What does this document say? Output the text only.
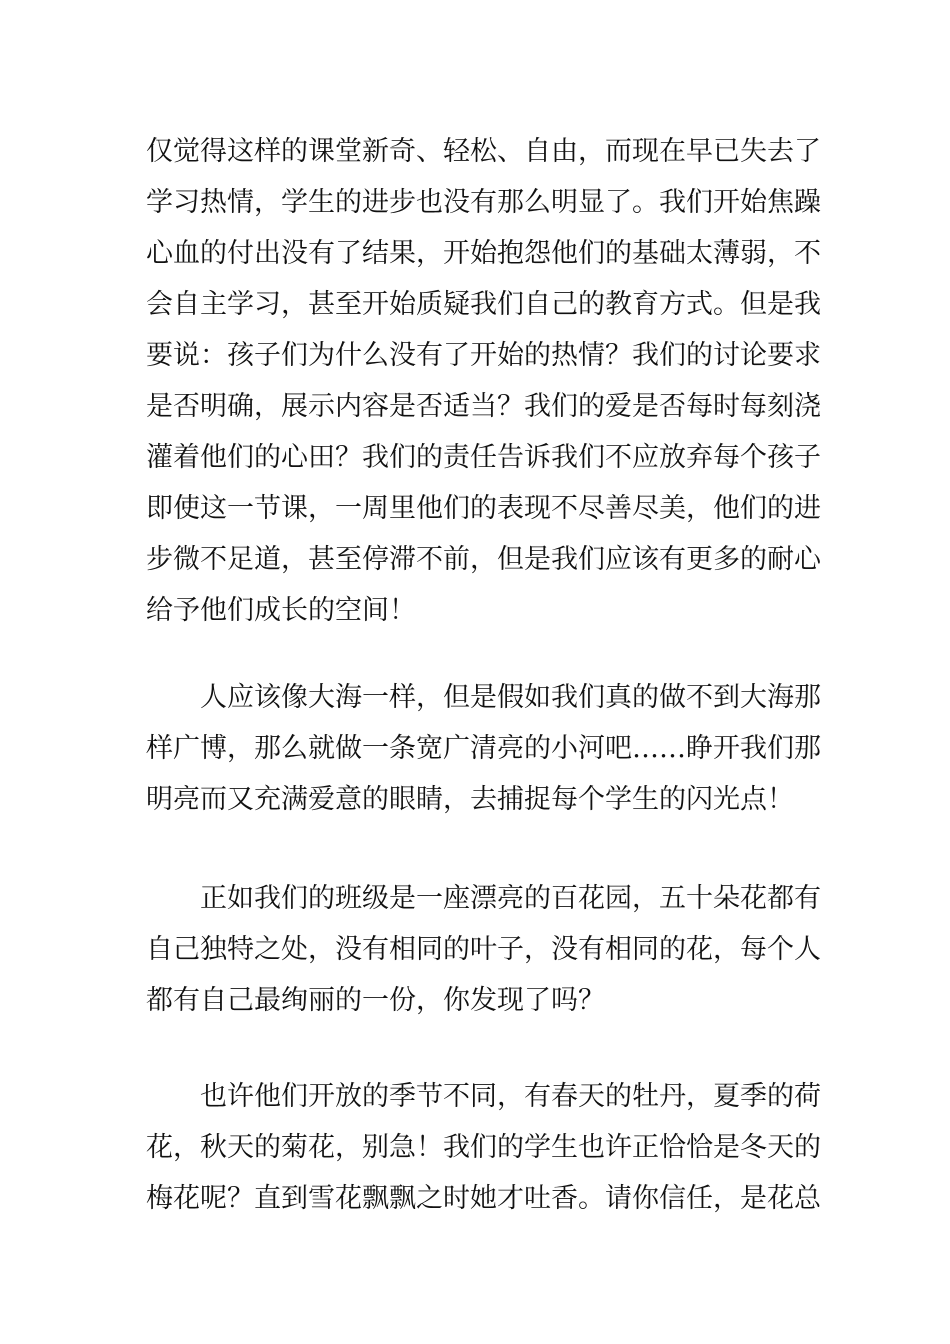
仅觉得这样的课堂新奇、轻松、自由，而现在早已失去了
学习热情，学生的进步也没有那么明显了。我们开始焦躁
心血的付出没有了结果，开始抱怨他们的基础太薄弱，不
会自主学习，甚至开始质疑我们自己的教育方式。但是我
要说：孩子们为什么没有了开始的热情？我们的讨论要求
是否明确，展示内容是否适当？我们的爱是否每时每刻浇
灌着他们的心田？我们的责任告诉我们不应放弃每个孩子
即使这一节课，一周里他们的表现不尽善尽美，他们的进
步微不足道，甚至停滞不前，但是我们应该有更多的耐心
给予他们成长的空间！
人应该像大海一样，但是假如我们真的做不到大海那
样广博，那么就做一条宽广清亮的小河吧……睁开我们那
明亮而又充满爱意的眼睛，去捕捉每个学生的闪光点！
正如我们的班级是一座漂亮的百花园，五十朵花都有
自己独特之处，没有相同的叶子，没有相同的花，每个人
都有自己最绚丽的一份，你发现了吗？
也许他们开放的季节不同，有春天的牡丹，夏季的荷
花，秋天的菊花，别急！我们的学生也许正恰恰是冬天的
梅花呢？直到雪花飘飘之时她才吐香。请你信任，是花总
